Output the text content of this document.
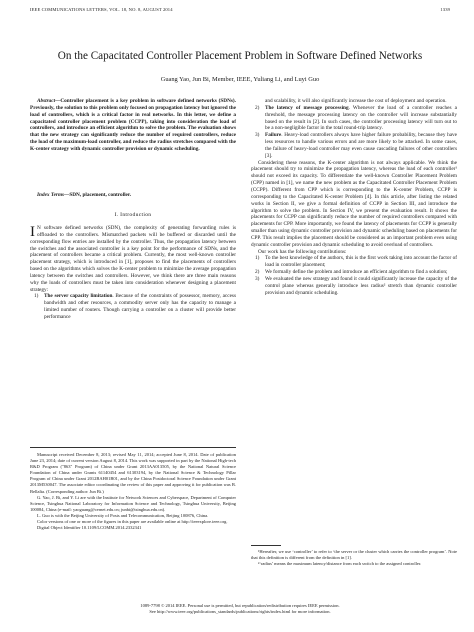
IEEE COMMUNICATIONS LETTERS, VOL. 18, NO. 8, AUGUST 2014	1339
On the Capacitated Controller Placement Problem in Software Defined Networks
Guang Yao, Jun Bi, Member, IEEE, Yuliang Li, and Luyi Guo
Abstract—Controller placement is a key problem in software defined networks (SDNs). Previously, the solution to this problem only focused on propagation latency but ignored the load of controllers, which is a critical factor in real networks. In this letter, we define a capacitated controller placement problem (CCPP), taking into consideration the load of controllers, and introduce an efficient algorithm to solve the problem. The evaluation shows that the new strategy can significantly reduce the number of required controllers, reduce the load of the maximum-load controller, and reduce the radius stretches compared with the K-center strategy with dynamic controller provision or dynamic scheduling.
Index Terms—SDN, placement, controller.
I. Introduction

I N software defined networks (SDN), the complexity of generating forwarding rules is offloaded to the controllers. Mismatched packets will be buffered or discarded until the corresponding flow entries are installed by the controller. Thus, the propagation latency between the switches and the associated controller is a key point for the performance of SDNs, and the placement of controllers became a critical problem. Currently, the most well-known controller placement strategy, which is introduced in [1], proposes to find the placements of controllers based on the algorithms which solves the K-center problem to minimize the average propagation latency between the switches and controllers. However, we think there are three main reasons why the loads of controllers must be taken into consideration whenever designing a placement strategy:

1) The server capacity limitation. Because of the constraints of possessor, memory, access bandwidth and other resources, a commodity server only has the capacity to manage a limited number of routers. Though carrying a controller on a cluster will provide better performance

Manuscript received December 8, 2013; revised May 11, 2014; accepted June 8, 2014. Date of publication June 23, 2014; date of current version August 8, 2014. This work was supported in part by the National High-tech R&D Program ("863" Program) of China under Grant 2013AA013505, by the National Natural Science Foundation of China under Grants 61140454 and 61303194, by the National Science & Technology Pillar Program of China under Grant 2012BAH01B01, and by the China Postdoctoral Science Foundation under Grant 2013M530047. The associate editor coordinating the review of this paper and approving it for publication was B. Bellalta. (Corresponding author: Jun Bi.)

G. Yao, J. Bi, and Y. Li are with the Institute for Network Sciences and Cyberspace, Department of Computer Science, Tsinghua National Laboratory for Information Science and Technology, Tsinghua University, Beijing 100084, China (e-mail: yaoguang@cernet.edu.cn; junbi@tsinghua.edu.cn).

L. Guo is with the Beijing University of Posts and Telecommunication, Beijing 100876, China.

Color versions of one or more of the figures in this paper are available online at http://ieeexplore.ieee.org.

Digital Object Identifier 10.1109/LCOMM.2014.2332341

and scalability, it will also significantly increase the cost of deployment and operation.
2) The latency of message processing. Whenever the load of a controller reaches a threshold, the message processing latency on the controller will increase substantially based on the result in [2]. In such cases, the controller processing latency will turn out to be a non-negligible factor in the total round-trip latency.
3) Failure. Heavy-load controllers always have higher failure probability, because they have less resources to handle various errors and are more likely to be attacked. In some cases, the failure of heavy-load controller may even cause cascading failures of other controllers [3].

Considering these reasons, the K-center algorithm is not always applicable. We think the placement should try to minimize the propagation latency, whereas the load of each controller¹ should not exceed its capacity. To differentiate the well-known Controller Placement Problem (CPP) named in [1], we name the new problem as the Capacitated Controller Placement Problem (CCPP). Different from CPP which is corresponding to the K-center Problem, CCPP is corresponding to the Capacitated K-center Problem [4]. In this article, after listing the related works in Section II, we give a formal definition of CCPP in Section III, and introduce the algorithm to solve the problem. In Section IV, we present the evaluation result. It shows the placements for CCPP can significantly reduce the number of required controllers compared with placements for CPP. More importantly, we found the latency of placements for CCPP is generally smaller than using dynamic controller provision and dynamic scheduling based on placements for CPP. This result implies the placement should be considered as an important problem even using dynamic controller provision and dynamic scheduling to avoid overload of controllers.

Our work has the following contributions:

1) To the best knowledge of the authors, this is the first work taking into account the factor of load in controller placement;
2) We formally define the problem and introduce an efficient algorithm to find a solution;
3) We evaluated the new strategy and found it could significantly increase the capacity of the control plane whereas generally introduce less radius² stretch than dynamic controller provision and dynamic scheduling.

¹Hereafter, we use ‘controller’ to refer to ‘the server or the cluster which carries the controller program’. Note that this definition is different from the definition in [1].

²‘radius’ means the maximum latency/distance from each switch to the assigned controller.

1089-7798 © 2014 IEEE. Personal use is permitted, but republication/redistribution requires IEEE permission.
See http://www.ieee.org/publications_standards/publications/rights/index.html for more information.
